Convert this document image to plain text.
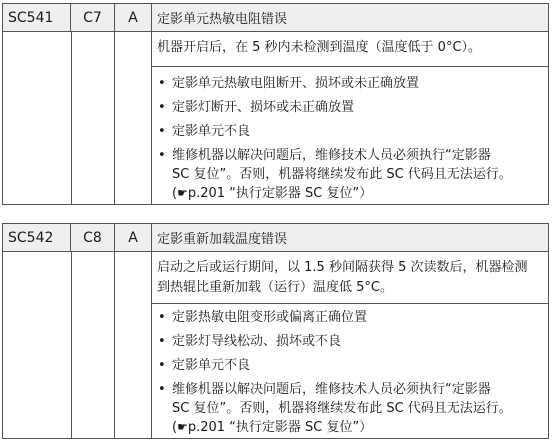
SC541	C7	A	定影单元热敏电阻错误
机器开启后，在 5 秒内未检测到温度（温度低于 0°C）。
• 定影单元热敏电阻断开、损坏或未正确放置
• 定影灯断开、损坏或未正确放置
• 定影单元不良
• 维修机器以解决问题后，维修技术人员必须执行“定影器
SC 复位”。否则，机器将继续发布此 SC 代码且无法运行。
(☛p.201 “执行定影器 SC 复位”）
SC542	C8	A	定影重新加载温度错误
启动之后或运行期间，以 1.5 秒间隔获得 5 次读数后，机器检测
到热辊比重新加载（运行）温度低 5°C。
• 定影热敏电阻变形或偏离正确位置
• 定影灯导线松动、损坏或不良
• 定影单元不良
• 维修机器以解决问题后，维修技术人员必须执行“定影器
SC 复位”。否则，机器将继续发布此 SC 代码且无法运行。
(☛p.201 “执行定影器 SC 复位”）
